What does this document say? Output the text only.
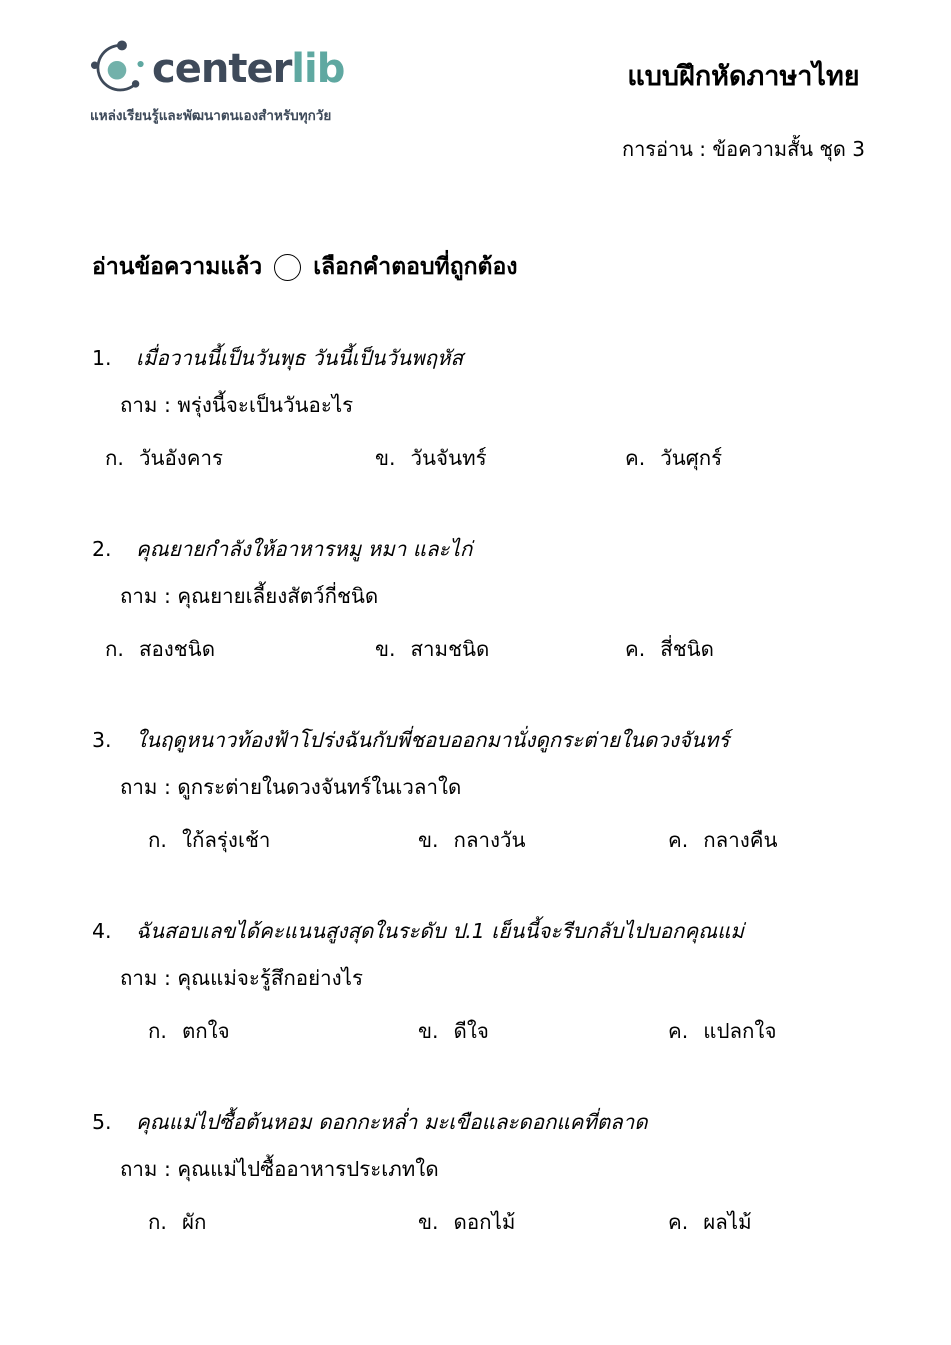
centerlib
แหล่งเรียนรู้และพัฒนาตนเองสำหรับทุกวัย
แบบฝึกหัดภาษาไทย
การอ่าน : ข้อความสั้น ชุด 3
อ่านข้อความแล้ว เลือกคำตอบที่ถูกต้อง
1.	เมื่อวานนี้เป็นวันพุธ วันนี้เป็นวันพฤหัส
ถาม : พรุ่งนี้จะเป็นวันอะไร
ก. วันอังคาร	ข. วันจันทร์	ค. วันศุกร์
2.	คุณยายกำลังให้อาหารหมู หมา และไก่
ถาม : คุณยายเลี้ยงสัตว์กี่ชนิด
ก. สองชนิด	ข. สามชนิด	ค. สี่ชนิด
3.	ในฤดูหนาวท้องฟ้าโปร่งฉันกับพี่ชอบออกมานั่งดูกระต่ายในดวงจันทร์
ถาม : ดูกระต่ายในดวงจันทร์ในเวลาใด
ก. ใก้ลรุ่งเช้า	ข. กลางวัน	ค. กลางคืน
4.	ฉันสอบเลขได้คะแนนสูงสุดในระดับ ป.1 เย็นนี้จะรีบกลับไปบอกคุณแม่
ถาม : คุณแม่จะรู้สึกอย่างไร
ก. ตกใจ	ข. ดีใจ	ค. แปลกใจ
5.	คุณแม่ไปซื้อต้นหอม ดอกกะหล่ำ มะเขือและดอกแคที่ตลาด
ถาม : คุณแม่ไปซื้ออาหารประเภทใด
ก. ผัก	ข. ดอกไม้	ค. ผลไม้
